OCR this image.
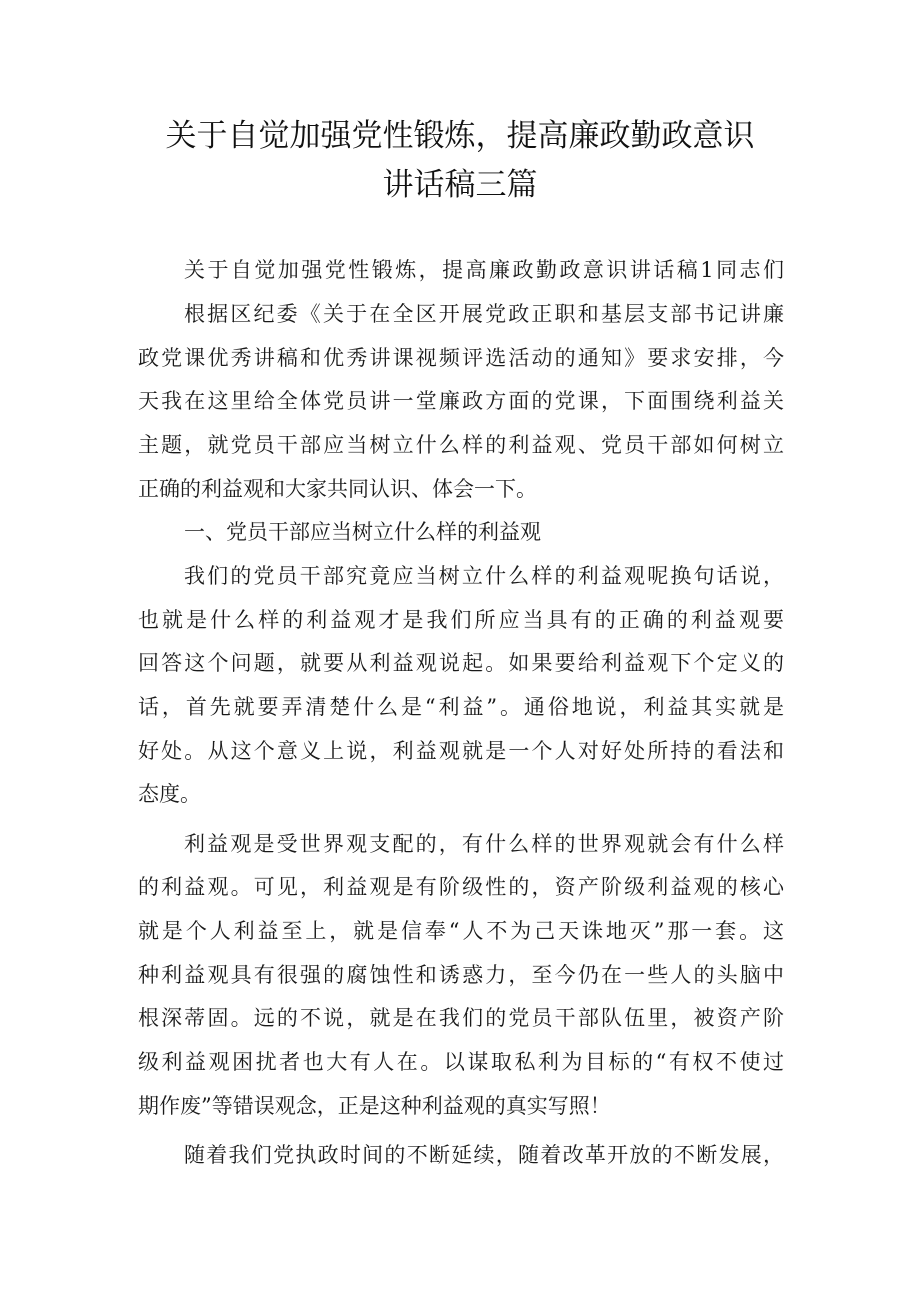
关于自觉加强党性锻炼，提高廉政勤政意识
讲话稿三篇
关于自觉加强党性锻炼，提高廉政勤政意识讲话稿1同志们
根据区纪委《关于在全区开展党政正职和基层支部书记讲廉
政党课优秀讲稿和优秀讲课视频评选活动的通知》要求安排，今
天我在这里给全体党员讲一堂廉政方面的党课，下面围绕利益关
主题，就党员干部应当树立什么样的利益观、党员干部如何树立
正确的利益观和大家共同认识、体会一下。
一、党员干部应当树立什么样的利益观
我们的党员干部究竟应当树立什么样的利益观呢换句话说，
也就是什么样的利益观才是我们所应当具有的正确的利益观要
回答这个问题，就要从利益观说起。如果要给利益观下个定义的
话，首先就要弄清楚什么是“利益”。通俗地说，利益其实就是
好处。从这个意义上说，利益观就是一个人对好处所持的看法和
态度。
利益观是受世界观支配的，有什么样的世界观就会有什么样
的利益观。可见，利益观是有阶级性的，资产阶级利益观的核心
就是个人利益至上，就是信奉“人不为己天诛地灭”那一套。这
种利益观具有很强的腐蚀性和诱惑力，至今仍在一些人的头脑中
根深蒂固。远的不说，就是在我们的党员干部队伍里，被资产阶
级利益观困扰者也大有人在。以谋取私利为目标的“有权不使过
期作废”等错误观念，正是这种利益观的真实写照！
随着我们党执政时间的不断延续，随着改革开放的不断发展，
